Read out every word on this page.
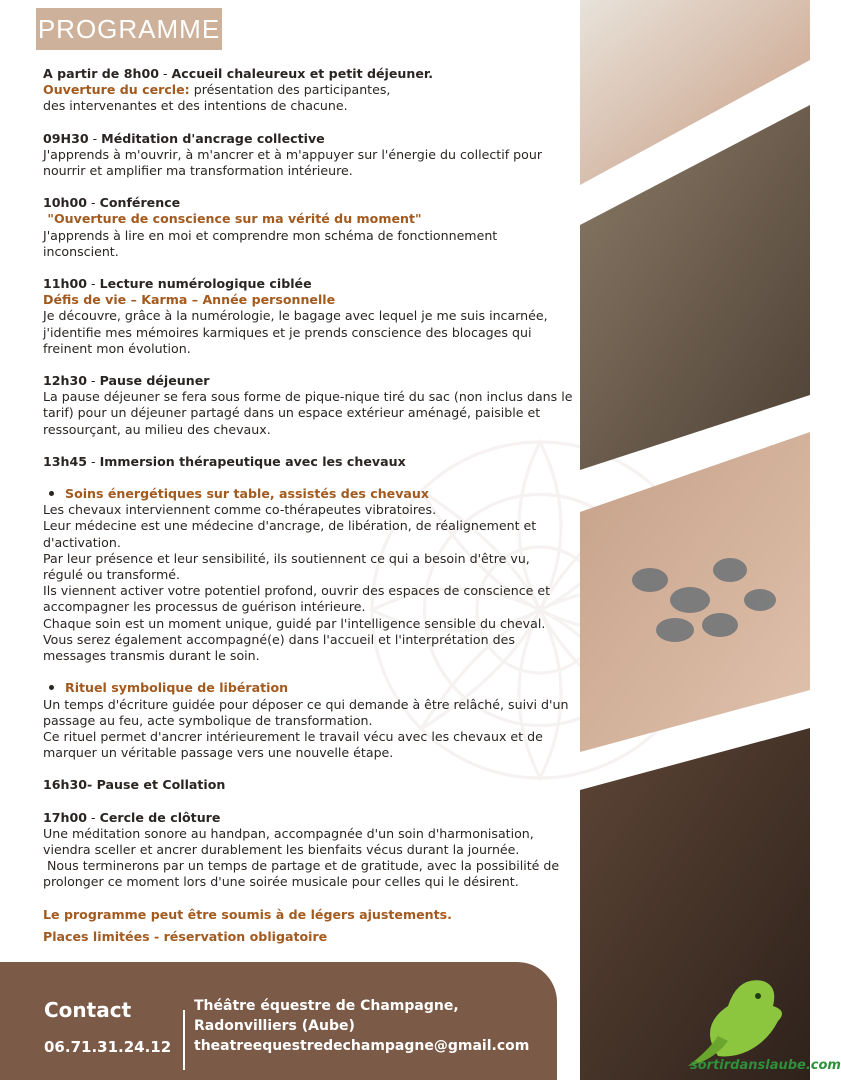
PROGRAMME

A partir de 8h00 - Accueil chaleureux et petit déjeuner.

Ouverture du cercle: présentation des participantes,

des intervenantes et des intentions de chacune.

09H30 - Méditation d'ancrage collective

J'apprends à m'ouvrir, à m'ancrer et à m'appuyer sur l'énergie du collectif pour nourrir et amplifier ma transformation intérieure.

10h00 - Conférence

"Ouverture de conscience sur ma vérité du moment"

J'apprends à lire en moi et comprendre mon schéma de fonctionnement inconscient.

11h00 - Lecture numérologique ciblée

Défis de vie – Karma – Année personnelle

Je découvre, grâce à la numérologie, le bagage avec lequel je me suis incarnée, j'identifie mes mémoires karmiques et je prends conscience des blocages qui freinent mon évolution.

12h30 - Pause déjeuner

La pause déjeuner se fera sous forme de pique-nique tiré du sac (non inclus dans le tarif) pour un déjeuner partagé dans un espace extérieur aménagé, paisible et ressourçant, au milieu des chevaux.

13h45 - Immersion thérapeutique avec les chevaux

Soins énergétiques sur table, assistés des chevaux

Les chevaux interviennent comme co-thérapeutes vibratoires.

Leur médecine est une médecine d'ancrage, de libération, de réalignement et d'activation.

Par leur présence et leur sensibilité, ils soutiennent ce qui a besoin d'être vu, régulé ou transformé.

Ils viennent activer votre potentiel profond, ouvrir des espaces de conscience et accompagner les processus de guérison intérieure.

Chaque soin est un moment unique, guidé par l'intelligence sensible du cheval.

Vous serez également accompagné(e) dans l'accueil et l'interprétation des messages transmis durant le soin.

Rituel symbolique de libération

Un temps d'écriture guidée pour déposer ce qui demande à être relâché, suivi d'un passage au feu, acte symbolique de transformation.

Ce rituel permet d'ancrer intérieurement le travail vécu avec les chevaux et de marquer un véritable passage vers une nouvelle étape.

16h30- Pause et Collation

17h00 - Cercle de clôture

Une méditation sonore au handpan, accompagnée d'un soin d'harmonisation, viendra sceller et ancrer durablement les bienfaits vécus durant la journée.

Nous terminerons par un temps de partage et de gratitude, avec la possibilité de prolonger ce moment lors d'une soirée musicale pour celles qui le désirent.

Le programme peut être soumis à de légers ajustements.

Places limitées - réservation obligatoire

Contact
06.71.31.24.12
Théâtre équestre de Champagne,
Radonvilliers (Aube)
theatreequestredechampagne@gmail.com
sortirdanslaube.com
